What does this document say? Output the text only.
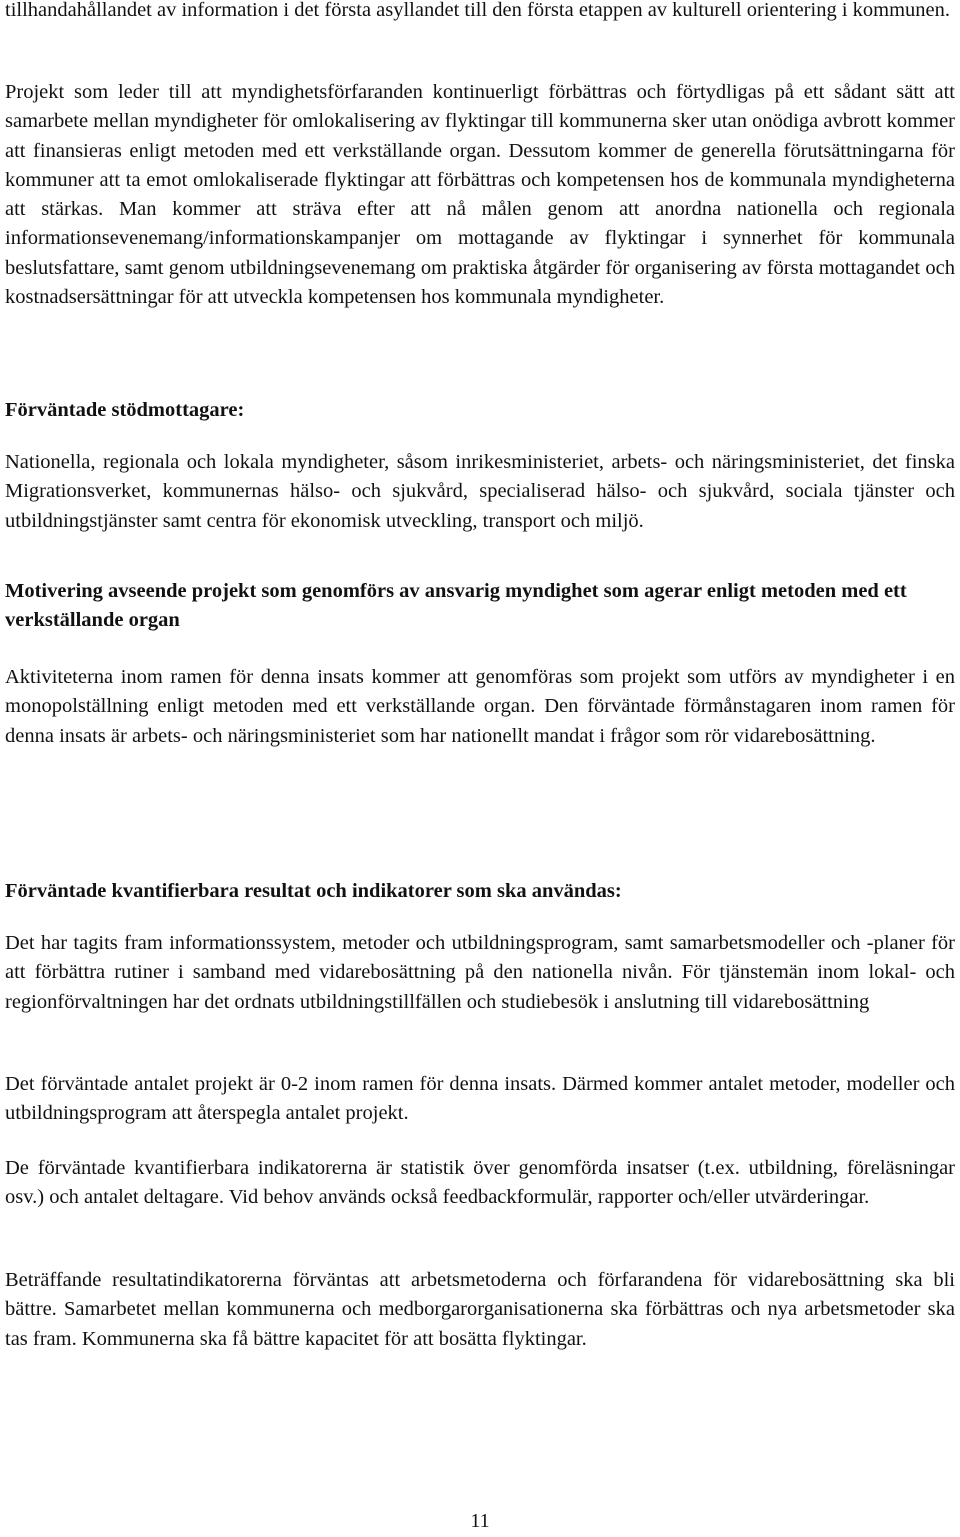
tillhandahållandet av information i det första asyllandet till den första etappen av kulturell orientering i kommunen.

Projekt som leder till att myndighetsförfaranden kontinuerligt förbättras och förtydligas på ett sådant sätt att samarbete mellan myndigheter för omlokalisering av flyktingar till kommunerna sker utan onödiga avbrott kommer att finansieras enligt metoden med ett verkställande organ. Dessutom kommer de generella förutsättningarna för kommuner att ta emot omlokaliserade flyktingar att förbättras och kompetensen hos de kommunala myndigheterna att stärkas. Man kommer att sträva efter att nå målen genom att anordna nationella och regionala informationsevenemang/informationskampanjer om mottagande av flyktingar i synnerhet för kommunala beslutsfattare, samt genom utbildningsevenemang om praktiska åtgärder för organisering av första mottagandet och kostnadsersättningar för att utveckla kompetensen hos kommunala myndigheter.

Förväntade stödmottagare:

Nationella, regionala och lokala myndigheter, såsom inrikesministeriet, arbets- och näringsministeriet, det finska Migrationsverket, kommunernas hälso- och sjukvård, specialiserad hälso- och sjukvård, sociala tjänster och utbildningstjänster samt centra för ekonomisk utveckling, transport och miljö.

Motivering avseende projekt som genomförs av ansvarig myndighet som agerar enligt metoden med ett verkställande organ

Aktiviteterna inom ramen för denna insats kommer att genomföras som projekt som utförs av myndigheter i en monopolställning enligt metoden med ett verkställande organ. Den förväntade förmånstagaren inom ramen för denna insats är arbets- och näringsministeriet som har nationellt mandat i frågor som rör vidarebosättning.

Förväntade kvantifierbara resultat och indikatorer som ska användas:

Det har tagits fram informationssystem, metoder och utbildningsprogram, samt samarbetsmodeller och -planer för att förbättra rutiner i samband med vidarebosättning på den nationella nivån. För tjänstemän inom lokal- och regionförvaltningen har det ordnats utbildningstillfällen och studiebesök i anslutning till vidarebosättning

Det förväntade antalet projekt är 0-2 inom ramen för denna insats. Därmed kommer antalet metoder, modeller och utbildningsprogram att återspegla antalet projekt.

De förväntade kvantifierbara indikatorerna är statistik över genomförda insatser (t.ex. utbildning, föreläsningar osv.) och antalet deltagare. Vid behov används också feedbackformulär, rapporter och/eller utvärderingar.

Beträffande resultatindikatorerna förväntas att arbetsmetoderna och förfarandena för vidarebosättning ska bli bättre. Samarbetet mellan kommunerna och medborgarorganisationerna ska förbättras och nya arbetsmetoder ska tas fram. Kommunerna ska få bättre kapacitet för att bosätta flyktingar.

11
